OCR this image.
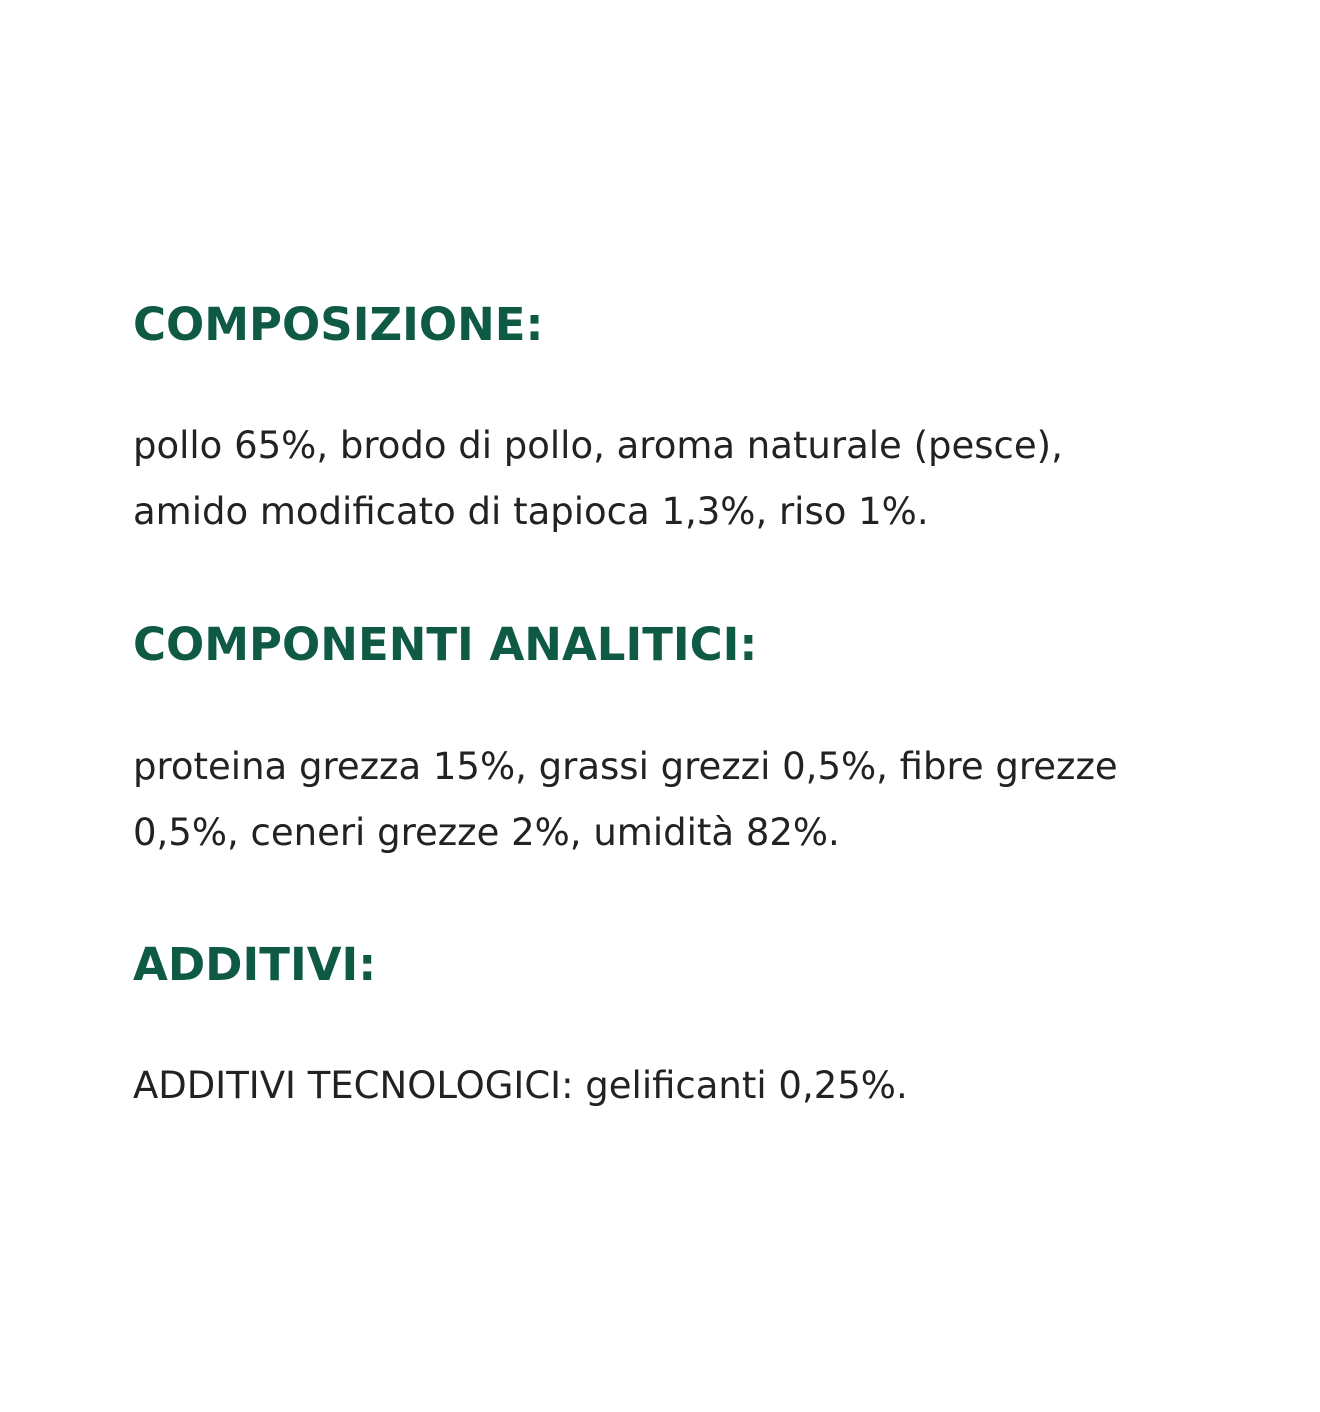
COMPOSIZIONE:

pollo 65%, brodo di pollo, aroma naturale (pesce),
amido modificato di tapioca 1,3%, riso 1%.

COMPONENTI ANALITICI:

proteina grezza 15%, grassi grezzi 0,5%, fibre grezze
0,5%, ceneri grezze 2%, umidità 82%.

ADDITIVI:

ADDITIVI TECNOLOGICI: gelificanti 0,25%.
